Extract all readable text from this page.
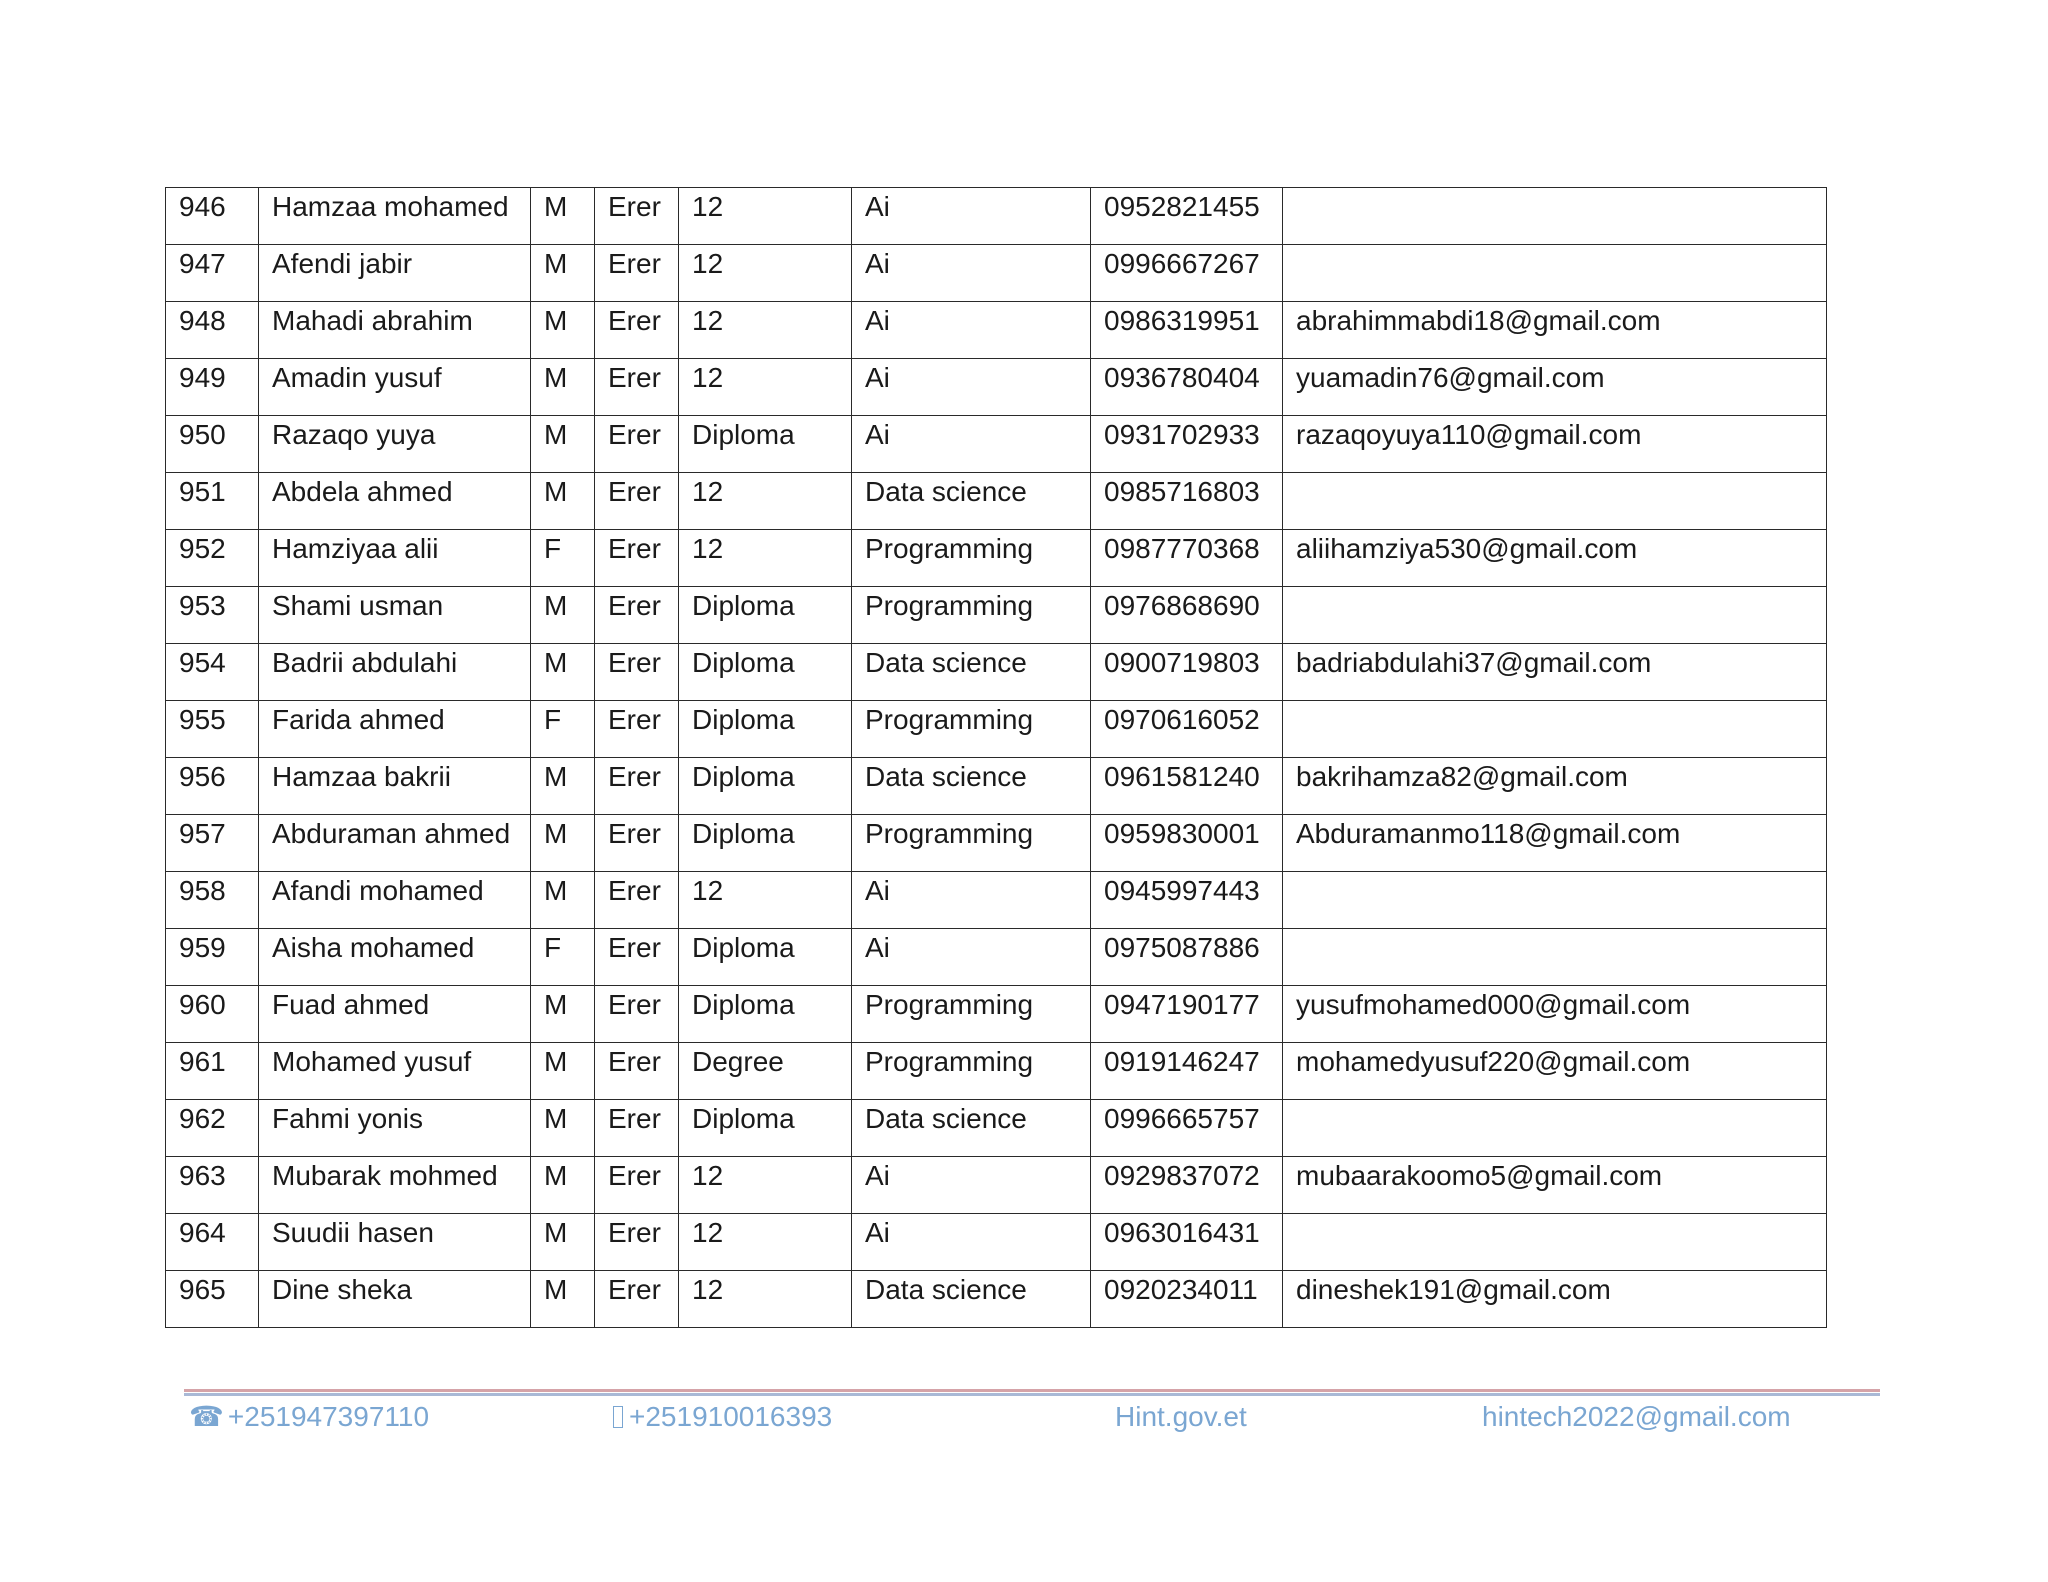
946	Hamzaa mohamed	M	Erer	12	Ai	0952821455	
947	Afendi jabir	M	Erer	12	Ai	0996667267	
948	Mahadi abrahim	M	Erer	12	Ai	0986319951	abrahimmabdi18@gmail.com
949	Amadin yusuf	M	Erer	12	Ai	0936780404	yuamadin76@gmail.com
950	Razaqo yuya	M	Erer	Diploma	Ai	0931702933	razaqoyuya110@gmail.com
951	Abdela ahmed	M	Erer	12	Data science	0985716803	
952	Hamziyaa alii	F	Erer	12	Programming	0987770368	aliihamziya530@gmail.com
953	Shami usman	M	Erer	Diploma	Programming	0976868690	
954	Badrii abdulahi	M	Erer	Diploma	Data science	0900719803	badriabdulahi37@gmail.com
955	Farida ahmed	F	Erer	Diploma	Programming	0970616052	
956	Hamzaa bakrii	M	Erer	Diploma	Data science	0961581240	bakrihamza82@gmail.com
957	Abduraman ahmed	M	Erer	Diploma	Programming	0959830001	Abduramanmo118@gmail.com
958	Afandi mohamed	M	Erer	12	Ai	0945997443	
959	Aisha mohamed	F	Erer	Diploma	Ai	0975087886	
960	Fuad ahmed	M	Erer	Diploma	Programming	0947190177	yusufmohamed000@gmail.com
961	Mohamed yusuf	M	Erer	Degree	Programming	0919146247	mohamedyusuf220@gmail.com
962	Fahmi yonis	M	Erer	Diploma	Data science	0996665757	
963	Mubarak mohmed	M	Erer	12	Ai	0929837072	mubaarakoomo5@gmail.com
964	Suudii hasen	M	Erer	12	Ai	0963016431	
965	Dine sheka	M	Erer	12	Data science	0920234011	dineshek191@gmail.com
☎ +251947397110	+251910016393	Hint.gov.et	hintech2022@gmail.com
